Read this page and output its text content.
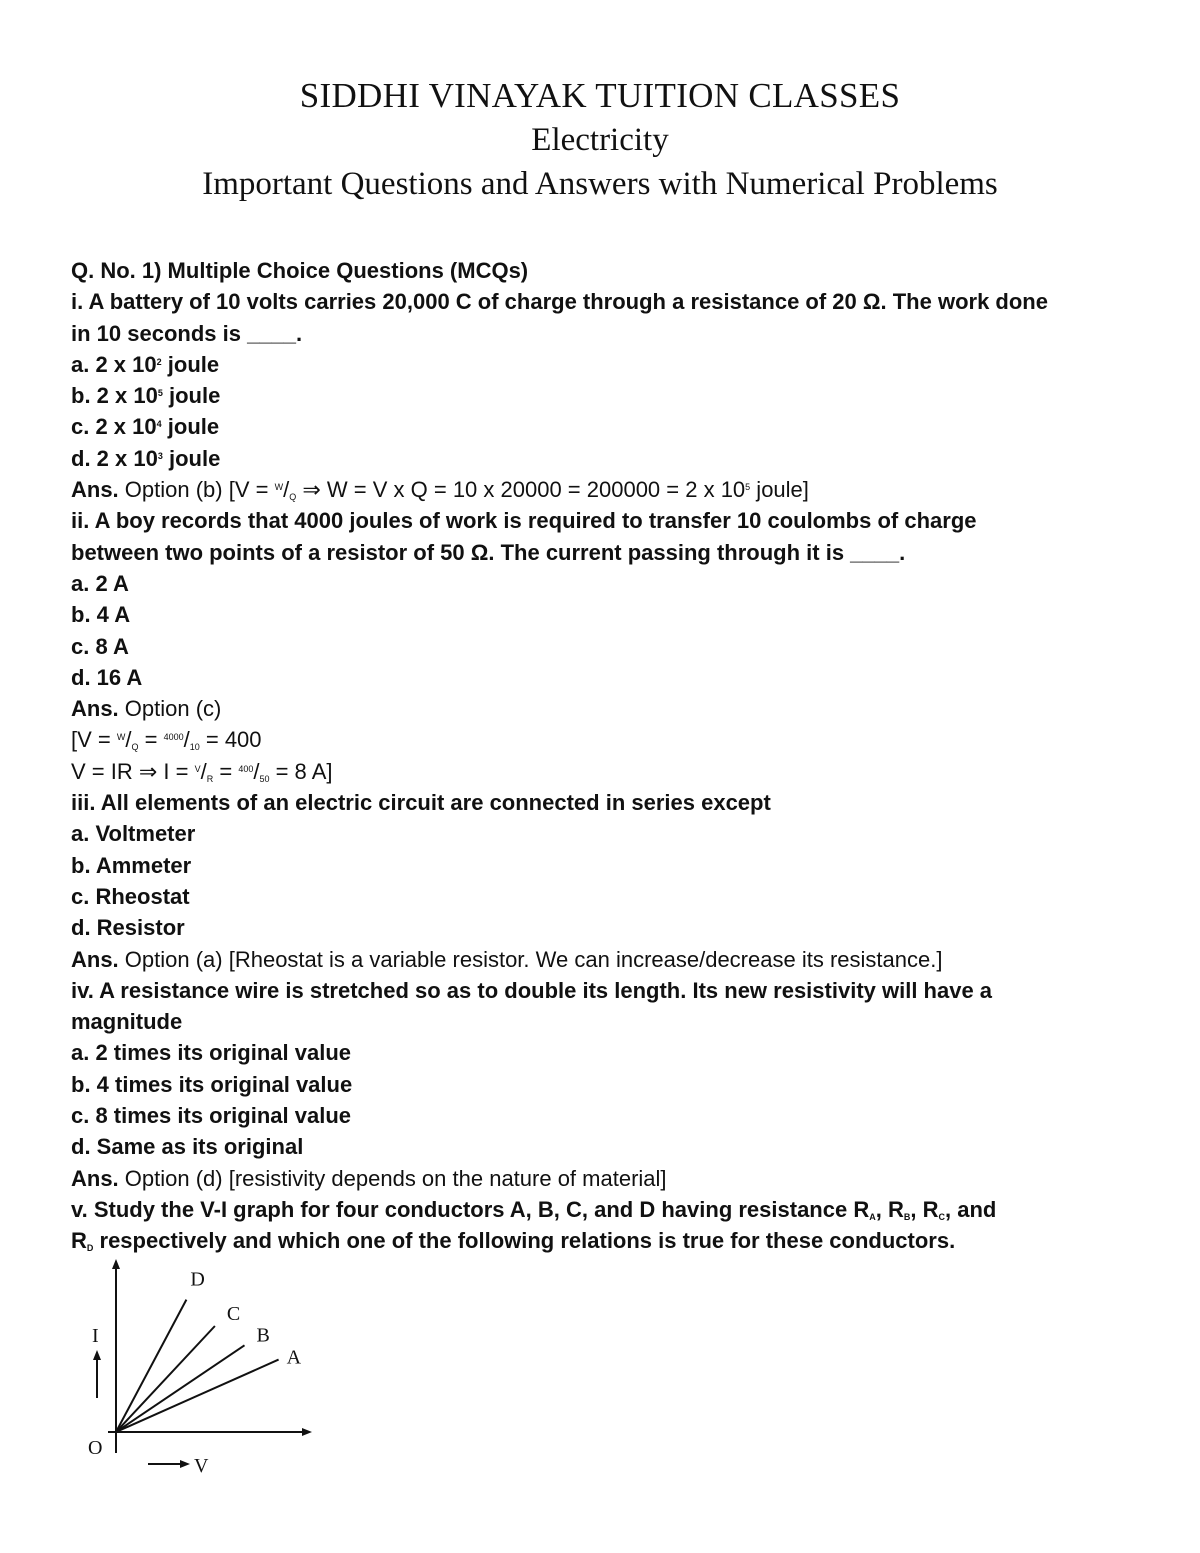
SIDDHI VINAYAK TUITION CLASSES
Electricity
Important Questions and Answers with Numerical Problems
Q. No. 1) Multiple Choice Questions (MCQs)
i. A battery of 10 volts carries 20,000 C of charge through a resistance of 20 Ω. The work done
in 10 seconds is ____.
a. 2 x $10^2$ joule
b. 2 x $10^5$ joule
c. 2 x $10^4$ joule
d. 2 x $10^3$ joule
Ans. Option (b) [$V = ^W/_Q$ ⇒ W = V x Q = 10 x 20000 = 200000 = 2 x $10^5$ joule]
ii. A boy records that 4000 joules of work is required to transfer 10 coulombs of charge
between two points of a resistor of 50 Ω. The current passing through it is ____.
a. 2 A
b. 4 A
c. 8 A
d. 16 A
Ans. Option (c)
[$V = ^W/_Q = ^{4000}/_{10} = 400$
V = IR ⇒ $I = ^V/_R = ^{400}/_{50} = 8$ A]
iii. All elements of an electric circuit are connected in series except
a. Voltmeter
b. Ammeter
c. Rheostat
d. Resistor
Ans. Option (a) [Rheostat is a variable resistor. We can increase/decrease its resistance.]
iv. A resistance wire is stretched so as to double its length. Its new resistivity will have a
magnitude
a. 2 times its original value
b. 4 times its original value
c. 8 times its original value
d. Same as its original
Ans. Option (d) [resistivity depends on the nature of material]
v. Study the V-I graph for four conductors A, B, C, and D having resistance $R_A$, $R_B$, $R_C$, and
$R_D$ respectively and which one of the following relations is true for these conductors.
D
C
B
A
I
V
O
